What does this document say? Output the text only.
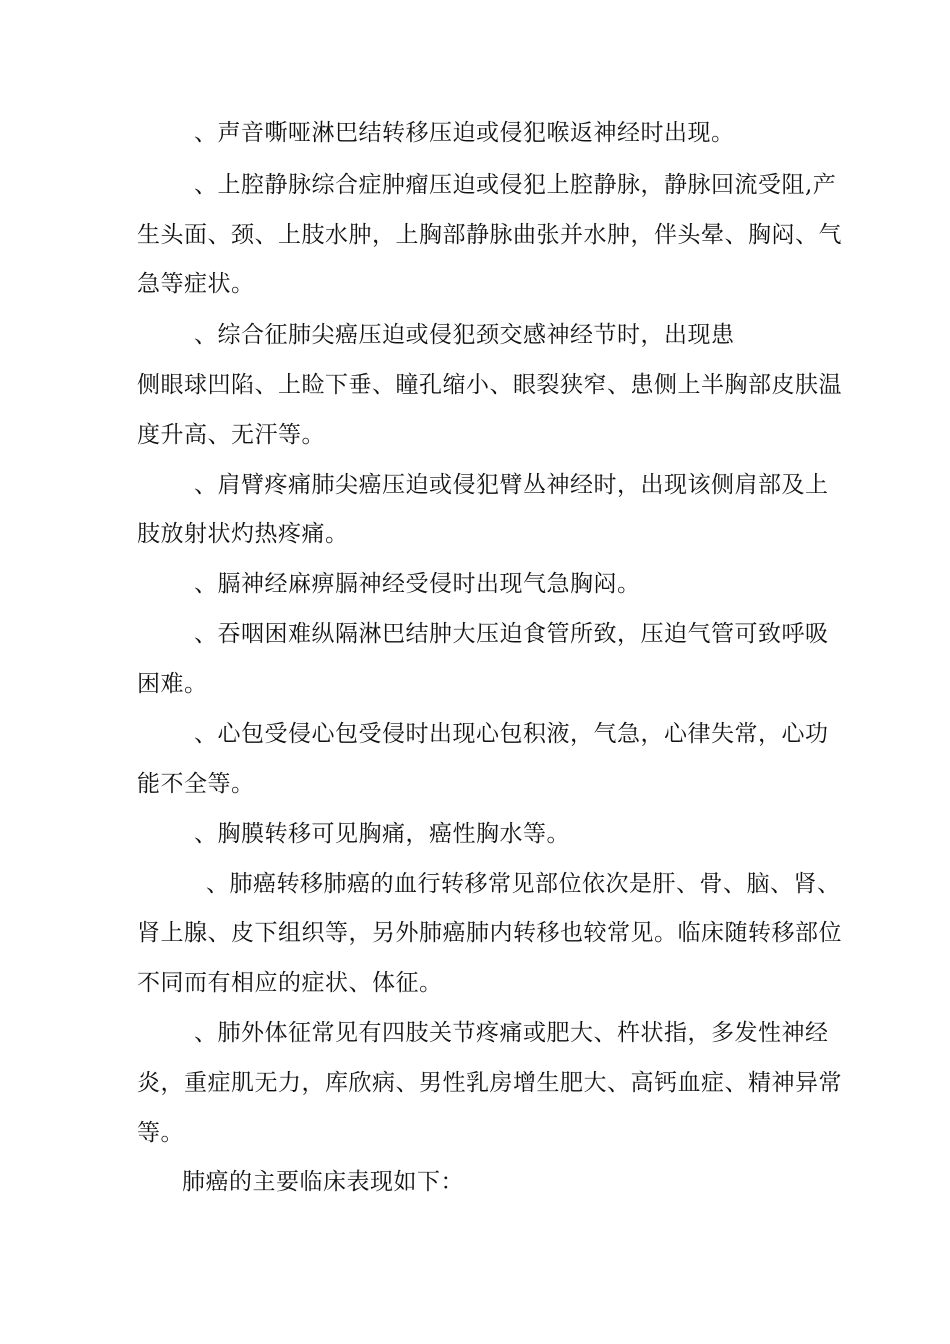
、声音嘶哑淋巴结转移压迫或侵犯喉返神经时出现。
、上腔静脉综合症肿瘤压迫或侵犯上腔静脉，静脉回流受阻,产
生头面、颈、上肢水肿，上胸部静脉曲张并水肿，伴头晕、胸闷、气
急等症状。
、综合征肺尖癌压迫或侵犯颈交感神经节时，出现患
侧眼球凹陷、上睑下垂、瞳孔缩小、眼裂狭窄、患侧上半胸部皮肤温
度升高、无汗等。
、肩臂疼痛肺尖癌压迫或侵犯臂丛神经时，出现该侧肩部及上
肢放射状灼热疼痛。
、膈神经麻痹膈神经受侵时出现气急胸闷。
、吞咽困难纵隔淋巴结肿大压迫食管所致，压迫气管可致呼吸
困难。
、心包受侵心包受侵时出现心包积液，气急，心律失常，心功
能不全等。
、胸膜转移可见胸痛，癌性胸水等。
、肺癌转移肺癌的血行转移常见部位依次是肝、骨、脑、肾、
肾上腺、皮下组织等，另外肺癌肺内转移也较常见。临床随转移部位
不同而有相应的症状、体征。
、肺外体征常见有四肢关节疼痛或肥大、杵状指，多发性神经
炎，重症肌无力，库欣病、男性乳房增生肥大、高钙血症、精神异常
等。
肺癌的主要临床表现如下：
